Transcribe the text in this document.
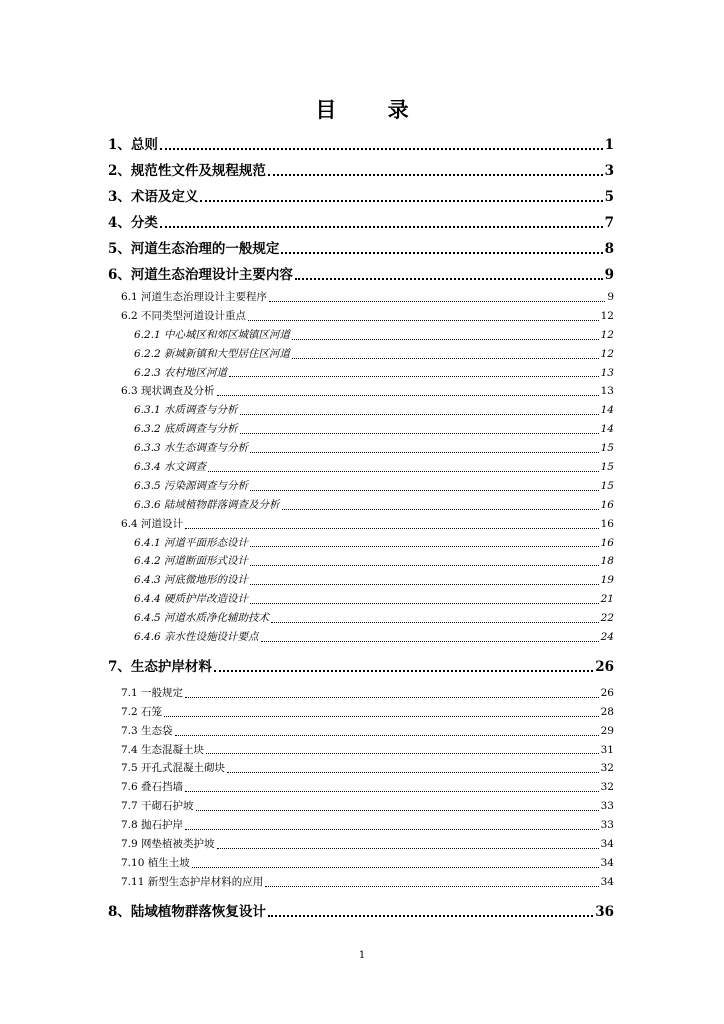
目 录
1、总则	1
2、规范性文件及规程规范	3
3、术语及定义	5
4、分类	7
5、河道生态治理的一般规定	8
6、河道生态治理设计主要内容	9
6.1 河道生态治理设计主要程序	9
6.2 不同类型河道设计重点	12
6.2.1 中心城区和郊区城镇区河道	12
6.2.2 新城新镇和大型居住区河道	12
6.2.3 农村地区河道	13
6.3 现状调查及分析	13
6.3.1 水质调查与分析	14
6.3.2 底质调查与分析	14
6.3.3 水生态调查与分析	15
6.3.4 水文调查	15
6.3.5 污染源调查与分析	15
6.3.6 陆域植物群落调查及分析	16
6.4 河道设计	16
6.4.1 河道平面形态设计	16
6.4.2 河道断面形式设计	18
6.4.3 河底微地形的设计	19
6.4.4 硬质护岸改造设计	21
6.4.5 河道水质净化辅助技术	22
6.4.6 亲水性设施设计要点	24
7、生态护岸材料	26
7.1 一般规定	26
7.2 石笼	28
7.3 生态袋	29
7.4 生态混凝土块	31
7.5 开孔式混凝土砌块	32
7.6 叠石挡墙	32
7.7 干砌石护坡	33
7.8 抛石护岸	33
7.9 网垫植被类护坡	34
7.10 植生土坡	34
7.11 新型生态护岸材料的应用	34
8、陆域植物群落恢复设计	36
1
